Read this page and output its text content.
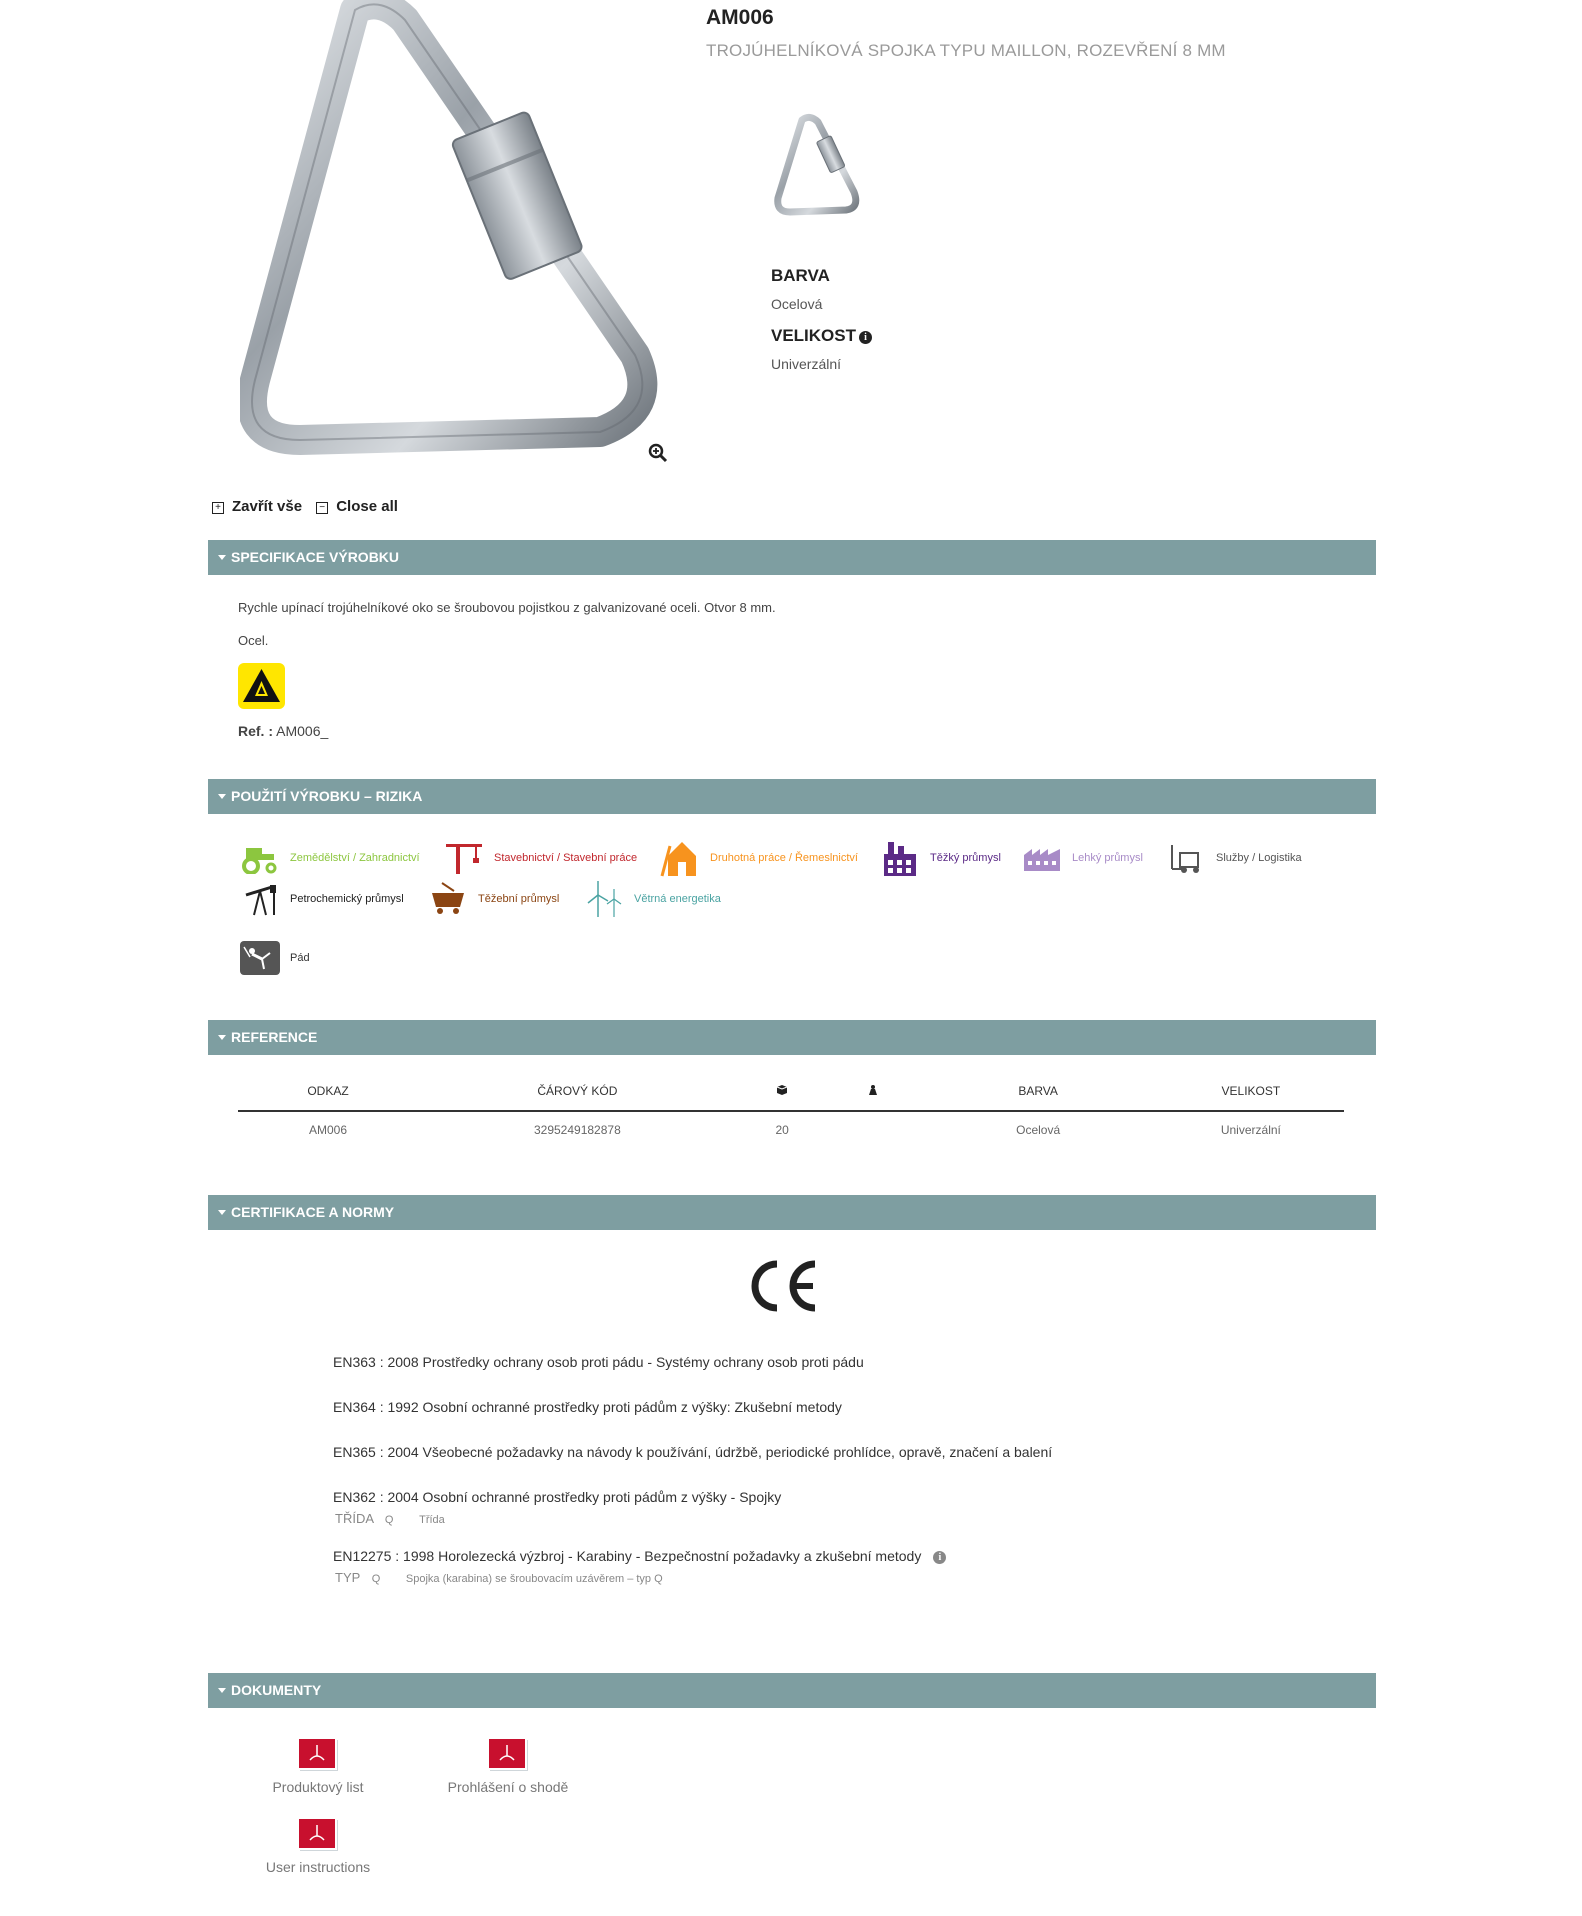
AM006
TROJÚHELNÍKOVÁ SPOJKA TYPU MAILLON, ROZEVŘENÍ 8 MM
BARVA
Ocelová
VELIKOST i
Univerzální
+ Zavřít vše − Close all
SPECIFIKACE VÝROBKU
Rychle upínací trojúhelníkové oko se šroubovou pojistkou z galvanizované oceli. Otvor 8 mm.
Ocel.
Ref. : AM006_
POUŽITÍ VÝROBKU – RIZIKA
Zemědělství / Zahradnictví	Stavebnictví / Stavební práce	Druhotná práce / Řemeslnictví	Těžký průmysl	Lehký průmysl	Služby / Logistika
Petrochemický průmysl	Těžební průmysl	Větrná energetika
Pád
REFERENCE
ODKAZ	ČÁROVÝ KÓD			BARVA	VELIKOST
AM006	3295249182878	20		Ocelová	Univerzální
CERTIFIKACE A NORMY
EN363 : 2008 Prostředky ochrany osob proti pádu - Systémy ochrany osob proti pádu
EN364 : 1992 Osobní ochranné prostředky proti pádům z výšky: Zkušební metody
EN365 : 2004 Všeobecné požadavky na návody k používání, údržbě, periodické prohlídce, opravě, značení a balení
EN362 : 2004 Osobní ochranné prostředky proti pádům z výšky - Spojky
TŘÍDA Q Třída
EN12275 : 1998 Horolezecká výzbroj - Karabiny - Bezpečnostní požadavky a zkušební metody i
TYP Q Spojka (karabina) se šroubovacím uzávěrem – typ Q
DOKUMENTY
Produktový list	Prohlášení o shodě
User instructions
